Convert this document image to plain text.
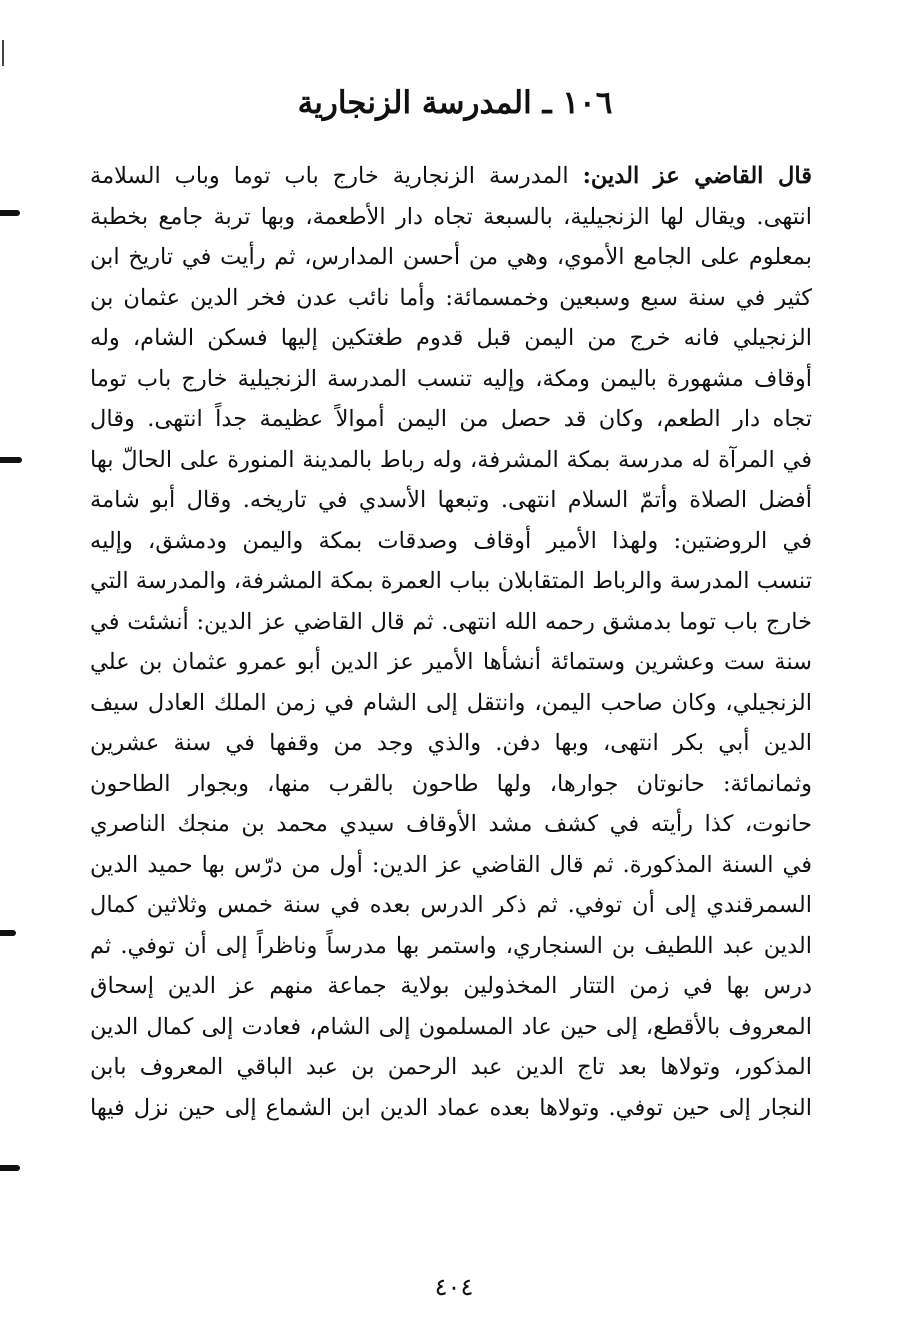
١٠٦ ـ المدرسة الزنجارية
قال القاضي عز الدين: المدرسة الزنجارية خارج باب توما وباب السلامة
انتهى. ويقال لها الزنجيلية، بالسبعة تجاه دار الأطعمة، وبها تربة جامع بخطبة
بمعلوم على الجامع الأموي، وهي من أحسن المدارس، ثم رأيت في تاريخ ابن
كثير في سنة سبع وسبعين وخمسمائة: وأما نائب عدن فخر الدين عثمان بن
الزنجيلي فانه خرج من اليمن قبل قدوم طغتكين إليها فسكن الشام، وله
أوقاف مشهورة باليمن ومكة، وإليه تنسب المدرسة الزنجيلية خارج باب توما
تجاه دار الطعم، وكان قد حصل من اليمن أموالاً عظيمة جداً انتهى. وقال
في المرآة له مدرسة بمكة المشرفة، وله رباط بالمدينة المنورة على الحالّ بها
أفضل الصلاة وأتمّ السلام انتهى. وتبعها الأسدي في تاريخه. وقال أبو شامة
في الروضتين: ولهذا الأمير أوقاف وصدقات بمكة واليمن ودمشق، وإليه
تنسب المدرسة والرباط المتقابلان بباب العمرة بمكة المشرفة، والمدرسة التي
خارج باب توما بدمشق رحمه الله انتهى. ثم قال القاضي عز الدين: أنشئت في
سنة ست وعشرين وستمائة أنشأها الأمير عز الدين أبو عمرو عثمان بن علي
الزنجيلي، وكان صاحب اليمن، وانتقل إلى الشام في زمن الملك العادل سيف
الدين أبي بكر انتهى، وبها دفن. والذي وجد من وقفها في سنة عشرين
وثمانمائة: حانوتان جوارها، ولها طاحون بالقرب منها، وبجوار الطاحون
حانوت، كذا رأيته في كشف مشد الأوقاف سيدي محمد بن منجك الناصري
في السنة المذكورة. ثم قال القاضي عز الدين: أول من درّس بها حميد الدين
السمرقندي إلى أن توفي. ثم ذكر الدرس بعده في سنة خمس وثلاثين كمال
الدين عبد اللطيف بن السنجاري، واستمر بها مدرساً وناظراً إلى أن توفي. ثم
درس بها في زمن التتار المخذولين بولاية جماعة منهم عز الدين إسحاق
المعروف بالأقطع، إلى حين عاد المسلمون إلى الشام، فعادت إلى كمال الدين
المذكور، وتولاها بعد تاج الدين عبد الرحمن بن عبد الباقي المعروف بابن
النجار إلى حين توفي. وتولاها بعده عماد الدين ابن الشماع إلى حين نزل فيها
٤٠٤
